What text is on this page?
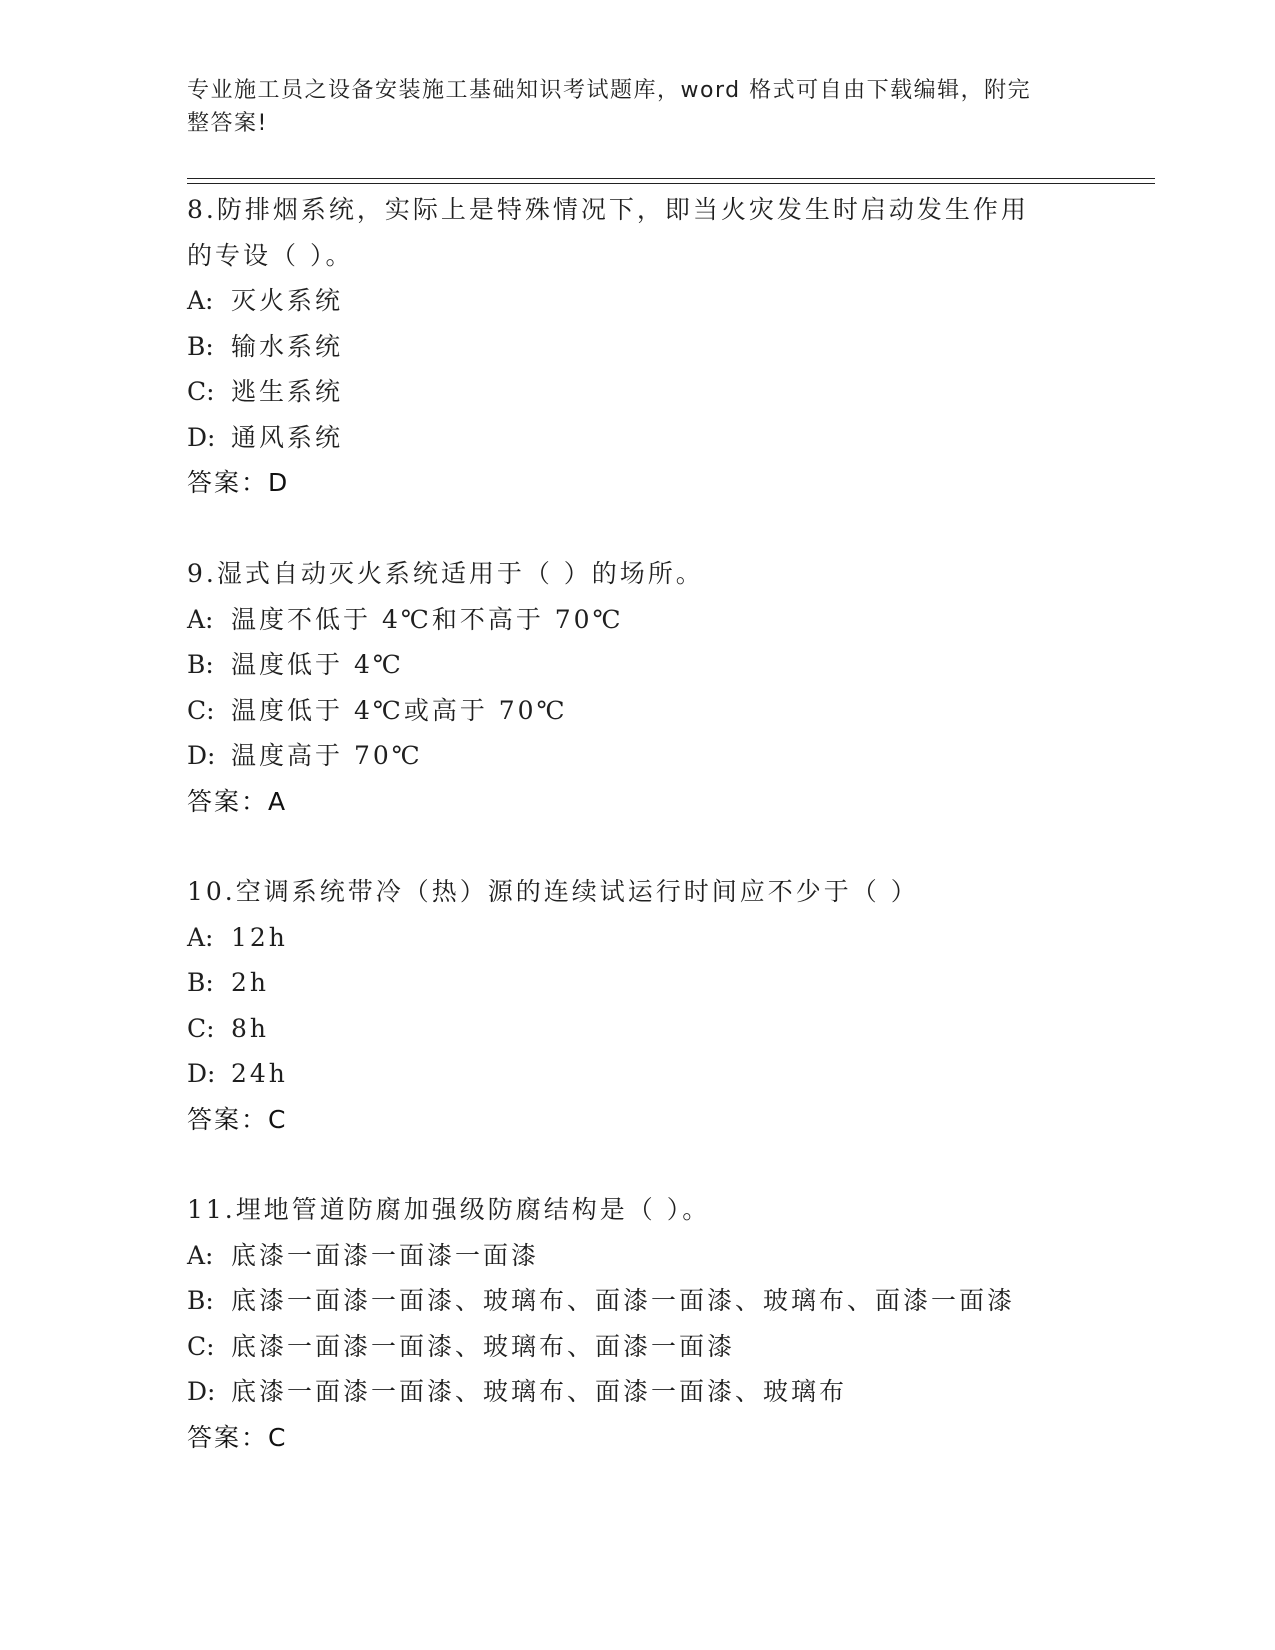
专业施工员之设备安装施工基础知识考试题库，word 格式可自由下载编辑，附完
整答案!
8.防排烟系统，实际上是特殊情况下，即当火灾发生时启动发生作用
的专设（ ）。
A: 灭火系统
B: 输水系统
C: 逃生系统
D: 通风系统
答案：D
9.湿式自动灭火系统适用于（ ）的场所。
A: 温度不低于 4℃和不高于 70℃
B: 温度低于 4℃
C: 温度低于 4℃或高于 70℃
D: 温度高于 70℃
答案：A
10.空调系统带冷（热）源的连续试运行时间应不少于（ ）
A: 12h
B: 2h
C: 8h
D: 24h
答案：C
11.埋地管道防腐加强级防腐结构是（ ）。
A: 底漆一面漆一面漆一面漆
B: 底漆一面漆一面漆、玻璃布、面漆一面漆、玻璃布、面漆一面漆
C: 底漆一面漆一面漆、玻璃布、面漆一面漆
D: 底漆一面漆一面漆、玻璃布、面漆一面漆、玻璃布
答案：C
